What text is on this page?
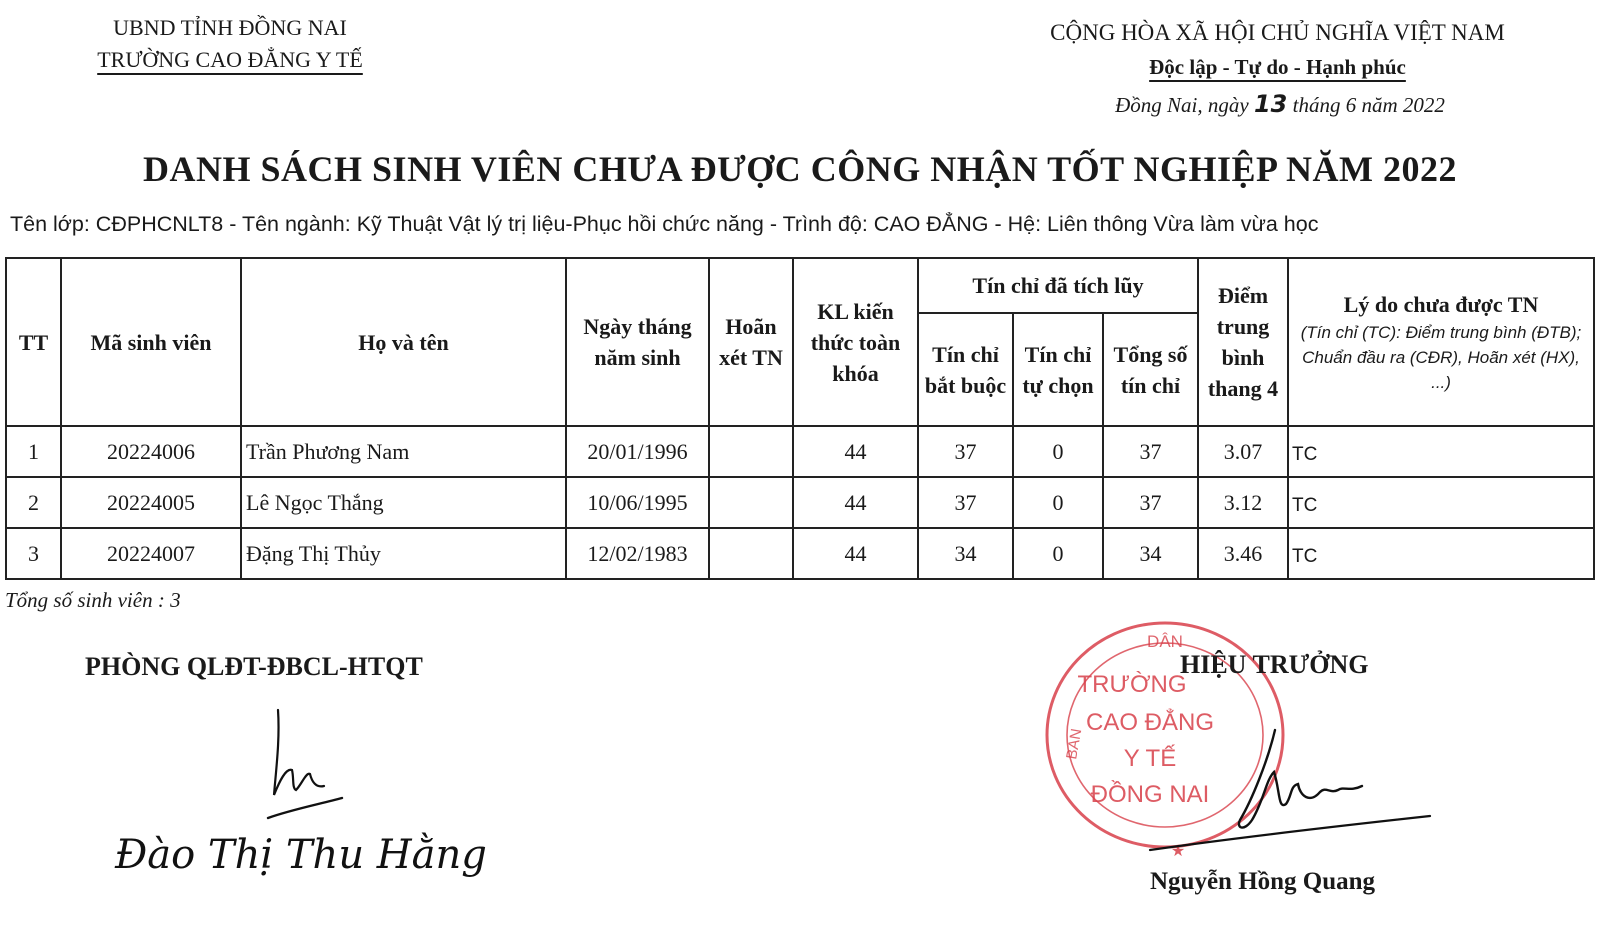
UBND TỈNH ĐỒNG NAI
TRƯỜNG CAO ĐẲNG Y TẾ
CỘNG HÒA XÃ HỘI CHỦ NGHĨA VIỆT NAM
Độc lập - Tự do - Hạnh phúc
Đồng Nai, ngày 13 tháng 6 năm 2022
DANH SÁCH SINH VIÊN CHƯA ĐƯỢC CÔNG NHẬN TỐT NGHIỆP NĂM 2022
Tên lớp: CĐPHCNLT8 - Tên ngành: Kỹ Thuật Vật lý trị liệu-Phục hồi chức năng - Trình độ: CAO ĐẲNG - Hệ: Liên thông Vừa làm vừa học
TT	Mã sinh viên	Họ và tên	Ngày tháng năm sinh	Hoãn xét TN	KL kiến thức toàn khóa	Tín chỉ đã tích lũy			Điểm trung bình thang 4	Lý do chưa được TN
(Tín chỉ (TC): Điểm trung bình (ĐTB); Chuẩn đầu ra (CĐR), Hoãn xét (HX), ...)

						Tín chỉ bắt buộc	Tín chỉ tự chọn	Tổng số tín chỉ		
1	20224006	Trần Phương Nam	20/01/1996		44	37	0	37	3.07	TC
2	20224005	Lê Ngọc Thắng	10/06/1995		44	37	0	37	3.12	TC
3	20224007	Đặng Thị Thủy	12/02/1983		44	34	0	34	3.46	TC
Tổng số sinh viên : 3
PHÒNG QLĐT-ĐBCL-HTQT
Đào Thị Thu Hằng
DÂN
BAN
TRƯỜNG
CAO ĐẲNG
Y TẾ
ĐỒNG NAI
★
HIỆU TRƯỞNG
Nguyễn Hồng Quang
